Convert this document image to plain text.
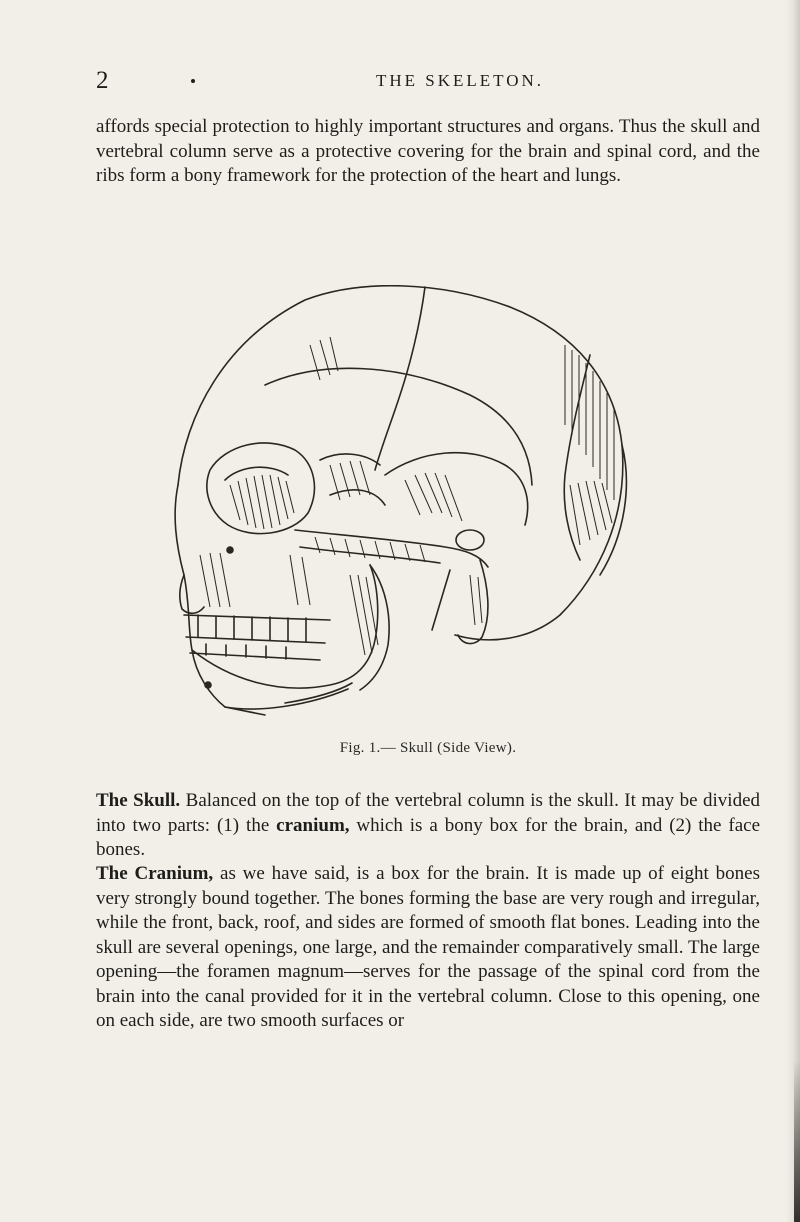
2	THE SKELETON.

affords special protection to highly important structures and organs. Thus the skull and vertebral column serve as a protective covering for the brain and spinal cord, and the ribs form a bony framework for the protection of the heart and lungs.

Fig. 1.— Skull (Side View).

The Skull. Balanced on the top of the vertebral column is the skull. It may be divided into two parts: (1) the cranium, which is a bony box for the brain, and (2) the face bones.

The Cranium, as we have said, is a box for the brain. It is made up of eight bones very strongly bound together. The bones forming the base are very rough and irregular, while the front, back, roof, and sides are formed of smooth flat bones. Leading into the skull are several openings, one large, and the remainder comparatively small. The large opening—the foramen magnum—serves for the passage of the spinal cord from the brain into the canal provided for it in the vertebral column. Close to this opening, one on each side, are two smooth surfaces or
